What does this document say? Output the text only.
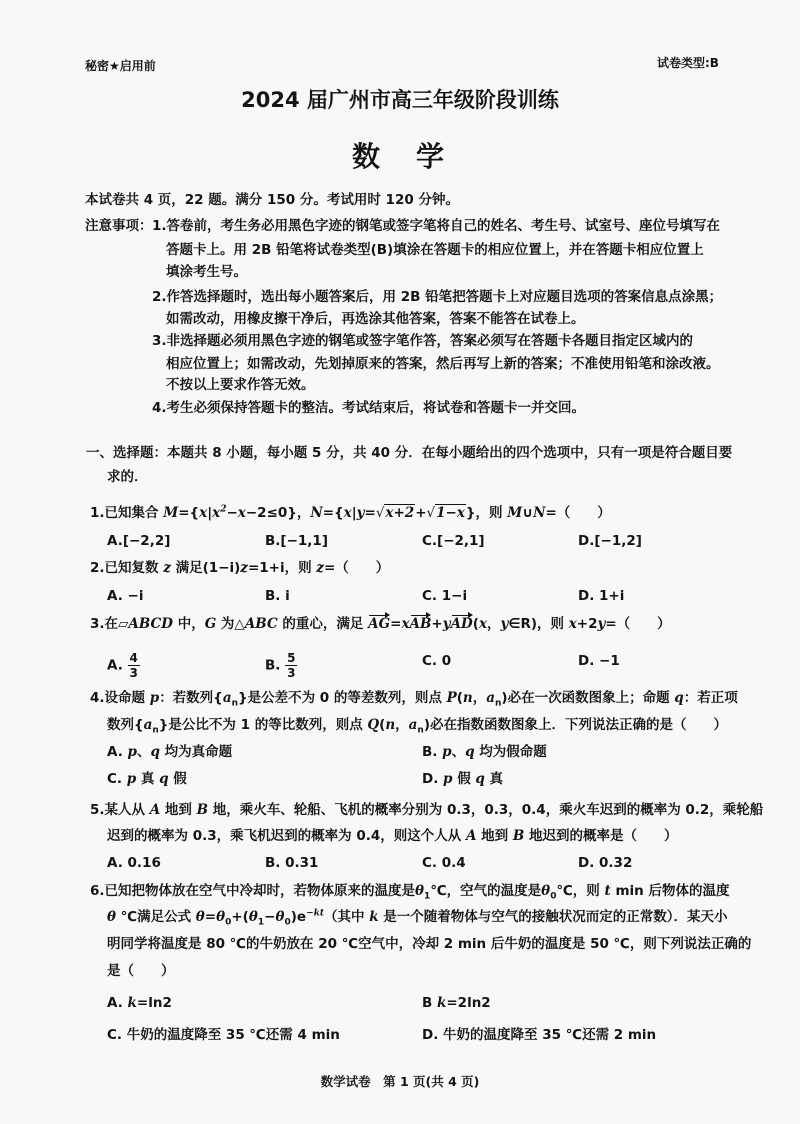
秘密★启用前	试卷类型:B
2024 届广州市高三年级阶段训练
数　学
本试卷共 4 页，22 题。满分 150 分。考试用时 120 分钟。
注意事项： 1.答卷前，考生务必用黑色字迹的钢笔或签字笔将自己的姓名、考生号、试室号、座位号填写在
答题卡上。用 2B 铅笔将试卷类型(B)填涂在答题卡的相应位置上，并在答题卡相应位置上
填涂考生号。
2.作答选择题时，选出每小题答案后，用 2B 铅笔把答题卡上对应题目选项的答案信息点涂黑；
如需改动，用橡皮擦干净后，再选涂其他答案，答案不能答在试卷上。
3.非选择题必须用黑色字迹的钢笔或签字笔作答，答案必须写在答题卡各题目指定区域内的
相应位置上；如需改动，先划掉原来的答案，然后再写上新的答案；不准使用铅笔和涂改液。
不按以上要求作答无效。
4.考生必须保持答题卡的整洁。考试结束后，将试卷和答题卡一并交回。
一、选择题：本题共 8 小题，每小题 5 分，共 40 分．在每小题给出的四个选项中，只有一项是符合题目要
求的．
1.已知集合 $M=\{x|x^2-x-2\le 0\}$，N={x|y= √ x+2+ √ 1−x}，则 M∪N=（　　）
A.[−2,2]	B.[−1,1]	C.[−2,1]	D.[−1,2]
2.已知复数 z 满足(1−i)z=1+i，则 z=（　　）
A. −i	B. i	C. 1−i	D. 1+i
3.在▱ABCD 中，G 为△ABC 的重心，满足 AG=xAB+yAD(x，y∈R)，则 x+2y=（　　）
A. $\frac{4}{3}$	B. $\frac{5}{3}$	C. 0	D. −1
4.设命题 p：若数列$\{a_n\}$是公差不为 0 的等差数列，则点 P(n，$a_n$)必在一次函数图象上；命题 q：若正项
数列$\{a_n\}$是公比不为 1 的等比数列，则点 Q(n，$a_n$)必在指数函数图象上．下列说法正确的是（　　）
A. p、q 均为真命题	B. p、q 均为假命题
C. p 真 q 假	D. p 假 q 真
5.某人从 A 地到 B 地，乘火车、轮船、飞机的概率分别为 0.3，0.3，0.4，乘火车迟到的概率为 0.2，乘轮船
迟到的概率为 0.3，乘飞机迟到的概率为 0.4，则这个人从 A 地到 B 地迟到的概率是（　　）
A. 0.16	B. 0.31	C. 0.4	D. 0.32
6.已知把物体放在空气中冷却时，若物体原来的温度是$\theta_1℃$，空气的温度是$\theta_0℃$，则 t min 后物体的温度
θ ℃满足公式 $\theta=\theta_0+(\theta_1-\theta_0)e^{-kt}$（其中 k 是一个随着物体与空气的接触状况而定的正常数）．某天小
明同学将温度是 80 ℃的牛奶放在 20 ℃空气中，冷却 2 min 后牛奶的温度是 50 ℃，则下列说法正确的
是（　　）
A. k=ln2	B k=2ln2
C. 牛奶的温度降至 35 ℃还需 4 min	D. 牛奶的温度降至 35 ℃还需 2 min
数学试卷　第 1 页(共 4 页)
